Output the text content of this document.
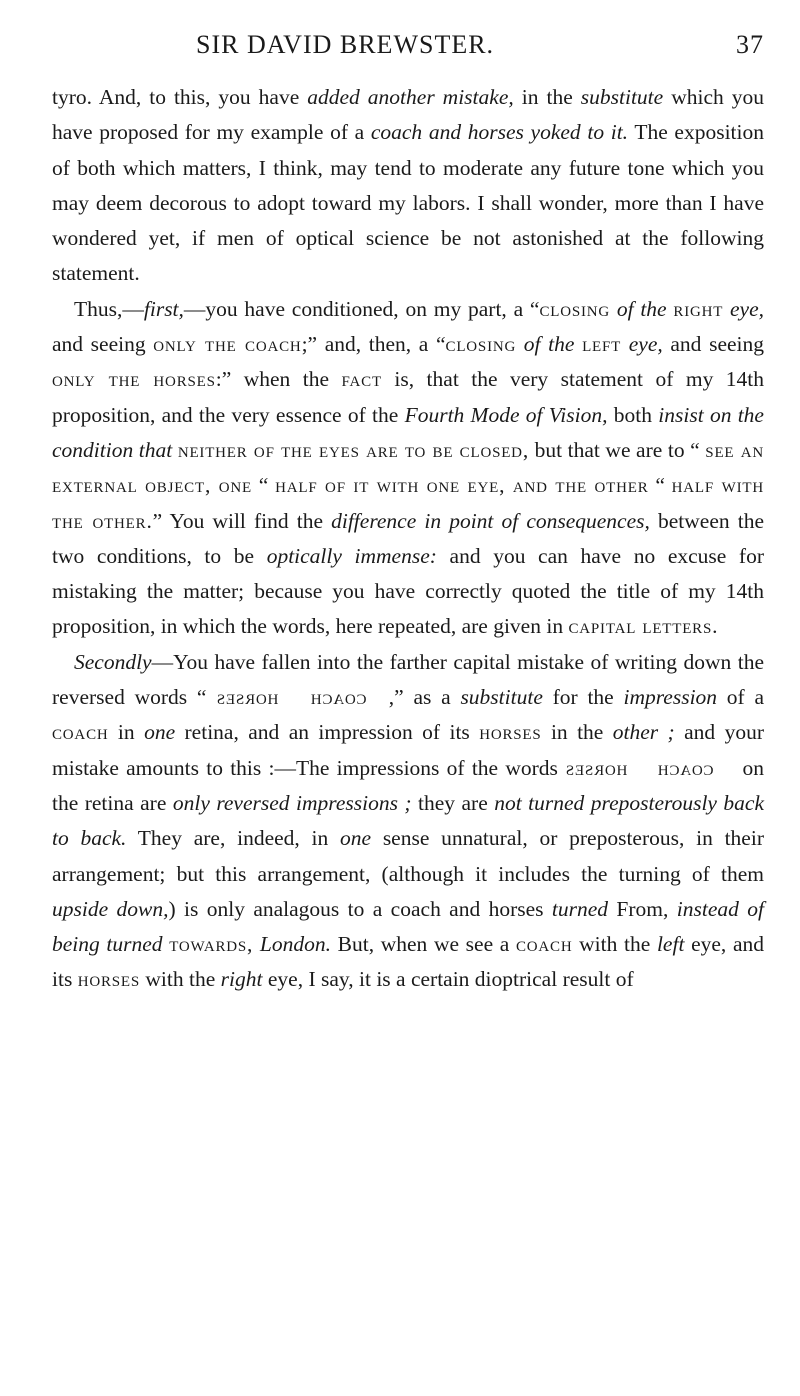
SIR DAVID BREWSTER.	37

tyro. And, to this, you have added another mistake, in the substitute which you have proposed for my example of a coach and horses yoked to it. The exposition of both which matters, I think, may tend to moderate any future tone which you may deem decorous to adopt toward my labors. I shall wonder, more than I have wondered yet, if men of optical science be not astonished at the following statement.

Thus,—first,—you have conditioned, on my part, a “closing of the right eye, and seeing only the coach;” and, then, a “closing of the left eye, and seeing only the horses:” when the fact is, that the very statement of my 14th proposition, and the very essence of the Fourth Mode of Vision, both insist on the condition that neither of the eyes are to be closed, but that we are to “ see an external object, one “ half of it with one eye, and the other “ half with the other.” You will find the difference in point of consequences, between the two conditions, to be optically immense: and you can have no excuse for mistaking the matter; because you have correctly quoted the title of my 14th proposition, in which the words, here repeated, are given in capital letters.

Secondly—You have fallen into the farther capital mistake of writing down the reversed words “ horses coach ,” as a substitute for the impression of a coach in one retina, and an impression of its horses in the other ; and your mistake amounts to this :—The impressions of the words horses coach on the retina are only reversed impressions ; they are not turned preposterously back to back. They are, indeed, in one sense unnatural, or preposterous, in their arrangement; but this arrangement, (although it includes the turning of them upside down,) is only analagous to a coach and horses turned From, instead of being turned towards, London. But, when we see a coach with the left eye, and its horses with the right eye, I say, it is a certain dioptrical result of
